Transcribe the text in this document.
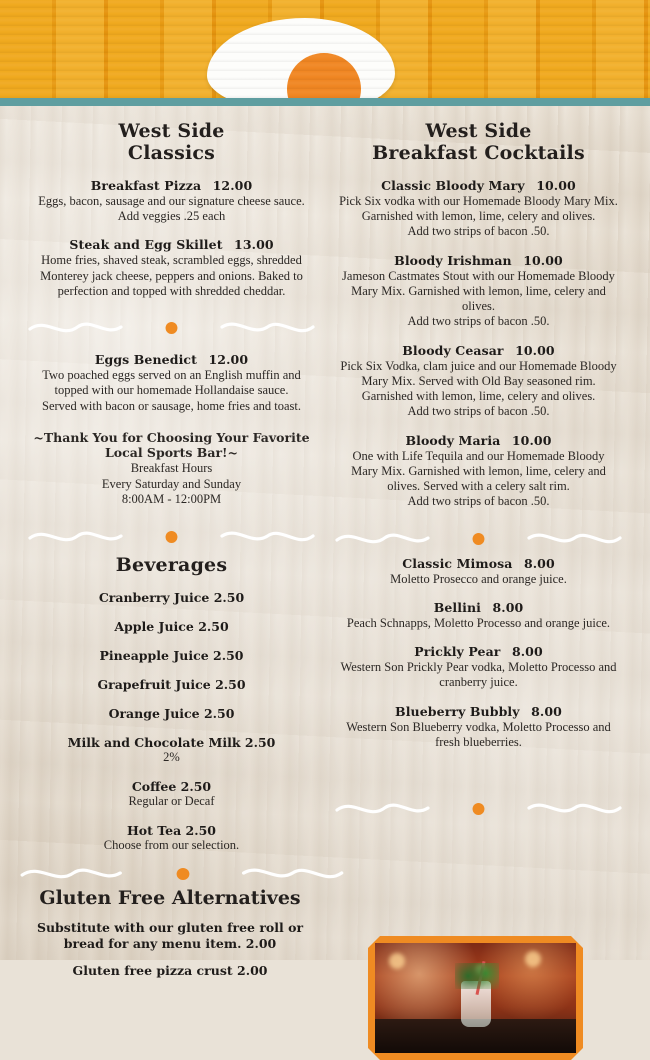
West Side
Classics
Breakfast Pizza 12.00
Eggs, bacon, sausage and our signature cheese sauce.
Add veggies .25 each
Steak and Egg Skillet 13.00
Home fries, shaved steak, scrambled eggs, shredded Monterey jack cheese, peppers and onions. Baked to perfection and topped with shredded cheddar.
Eggs Benedict 12.00
Two poached eggs served on an English muffin and topped with our homemade Hollandaise sauce.
Served with bacon or sausage, home fries and toast.
~Thank You for Choosing Your Favorite
Local Sports Bar!~
Breakfast Hours
Every Saturday and Sunday
8:00AM - 12:00PM
Beverages
Cranberry Juice 2.50
Apple Juice 2.50
Pineapple Juice 2.50
Grapefruit Juice 2.50
Orange Juice 2.50
Milk and Chocolate Milk 2.50
2%
Coffee 2.50
Regular or Decaf
Hot Tea 2.50
Choose from our selection.
West Side
Breakfast Cocktails
Classic Bloody Mary 10.00
Pick Six vodka with our Homemade Bloody Mary Mix. Garnished with lemon, lime, celery and olives.
Add two strips of bacon .50.
Bloody Irishman 10.00
Jameson Castmates Stout with our Homemade Bloody Mary Mix. Garnished with lemon, lime, celery and olives.
Add two strips of bacon .50.
Bloody Ceasar 10.00
Pick Six Vodka, clam juice and our Homemade Bloody Mary Mix. Served with Old Bay seasoned rim. Garnished with lemon, lime, celery and olives.
Add two strips of bacon .50.
Bloody Maria 10.00
One with Life Tequila and our Homemade Bloody Mary Mix. Garnished with lemon, lime, celery and olives. Served with a celery salt rim.
Add two strips of bacon .50.
Classic Mimosa 8.00
Moletto Prosecco and orange juice.
Bellini 8.00
Peach Schnapps, Moletto Processo and orange juice.
Prickly Pear 8.00
Western Son Prickly Pear vodka, Moletto Processo and cranberry juice.
Blueberry Bubbly 8.00
Western Son Blueberry vodka, Moletto Processo and fresh blueberries.
Gluten Free Alternatives
Substitute with our gluten free roll or bread for any menu item. 2.00
Gluten free pizza crust 2.00
